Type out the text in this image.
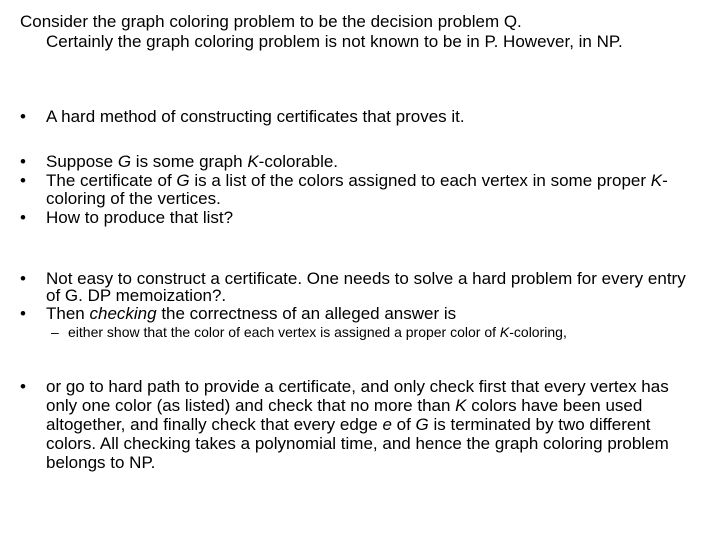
Consider the graph coloring problem to be the decision problem Q.
Certainly the graph coloring problem is not known to be in P. However, in NP.
• A hard method of constructing certificates that proves it.
• Suppose G is some graph K-colorable.
• The certificate of G is a list of the colors assigned to each vertex in some proper K-coloring of the vertices.
• How to produce that list?
• Not easy to construct a certificate. One needs to solve a hard problem for every entry of G. DP memoization?.
• Then checking the correctness of an alleged answer is
– either show that the color of each vertex is assigned a proper color of K-coloring,
• or go to hard path to provide a certificate, and only check first that every vertex has only one color (as listed) and check that no more than K colors have been used altogether, and finally check that every edge e of G is terminated by two different colors. All checking takes a polynomial time, and hence the graph coloring problem belongs to NP.
